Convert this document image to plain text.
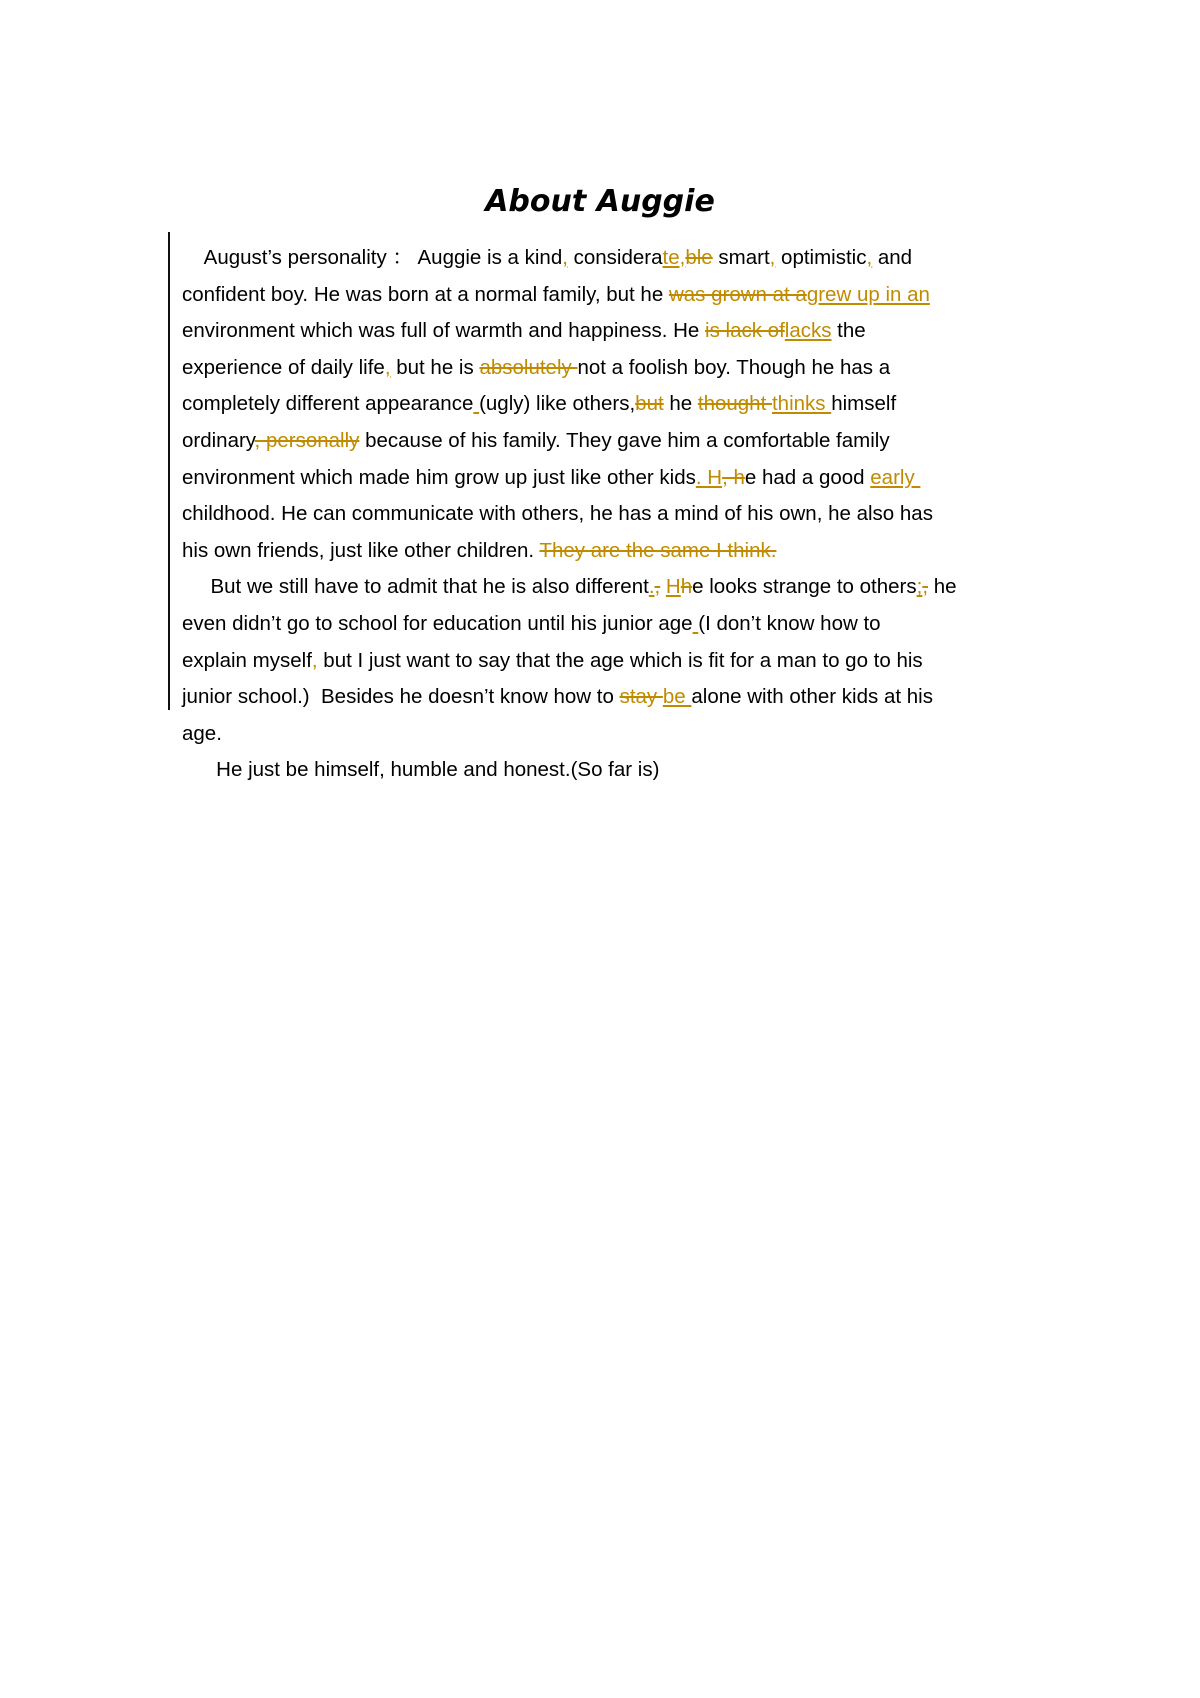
About Auggie
August’s personality ： Auggie is a kind, considerate,ble smart, optimistic, and
confident boy. He was born at a normal family, but he was grown at agrew up in an
environment which was full of warmth and happiness. He is lack oflacks the
experience of daily life, but he is absolutely not a foolish boy. Though he has a
completely different appearance (ugly) like others,but he thought thinks himself
ordinary, personally because of his family. They gave him a comfortable family
environment which made him grow up just like other kids. H, he had a good early
childhood. He can communicate with others, he has a mind of his own, he also has
his own friends, just like other children. They are the same I think.
But we still have to admit that he is also different., Hhe looks strange to others;, he
even didn’t go to school for education until his junior age (I don’t know how to
explain myself, but I just want to say that the age which is fit for a man to go to his
junior school.)  Besides he doesn’t know how to stay be alone with other kids at his
age.
He just be himself, humble and honest.(So far is)
